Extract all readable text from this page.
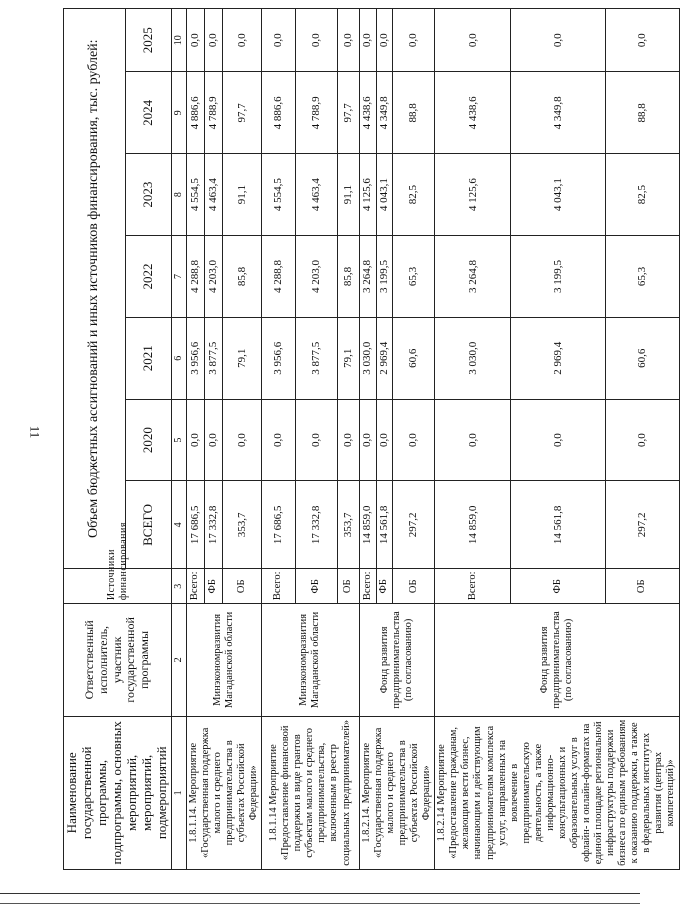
11
Наименование государственной программы, подпрограммы, основных мероприятий, мероприятий, подмероприятий	Ответственный исполнитель, участник государственной программы	Источники финансирования	Объем бюджетных ассигнований и иных источников финансирования, тыс. рублей:						
			ВСЕГО	2020	2021	2022	2023	2024	2025
1	2	3	4	5	6	7	8	9	10
1.8.1.14. Мероприятие «Государственная поддержка малого и среднего предпринимательства в субъектах Российской Федерации»	Минэкономразвития Магаданской области	Всего:	17 686,5	0,0	3 956,6	4 288,8	4 554,5	4 886,6	0,0
		ФБ	17 332,8	0,0	3 877,5	4 203,0	4 463,4	4 788,9	0,0
		ОБ	353,7	0,0	79,1	85,8	91,1	97,7	0,0
1.8.1.14 Мероприятие «Предоставление финансовой поддержки в виде грантов субъектам малого и среднего предпринимательства, включенным в реестр социальных предпринимателей»	Минэкономразвития Магаданской области	Всего:	17 686,5	0,0	3 956,6	4 288,8	4 554,5	4 886,6	0,0
		ФБ	17 332,8	0,0	3 877,5	4 203,0	4 463,4	4 788,9	0,0
		ОБ	353,7	0,0	79,1	85,8	91,1	97,7	0,0
1.8.2.14. Мероприятие «Государственная поддержка малого и среднего предпринимательства в субъектах Российской Федерации»	Фонд развития предпринимательства (по согласованию)	Всего:	14 859,0	0,0	3 030,0	3 264,8	4 125,6	4 438,6	0,0
		ФБ	14 561,8	0,0	2 969,4	3 199,5	4 043,1	4 349,8	0,0
		ОБ	297,2	0,0	60,6	65,3	82,5	88,8	0,0
1.8.2.14 Мероприятие «Предоставление гражданам, желающим вести бизнес, начинающим и действующим предпринимателям комплекса услуг, направленных на вовлечение в предпринимательскую деятельность, а также информационно-консультационных и образовательных услуг в офлайн- и онлайн-форматах на единой площадке региональной инфраструктуры поддержки бизнеса по единым требованиям к оказанию поддержки, а также в федеральных институтах развития (центрах компетенций)»	Фонд развития предпринимательства (по согласованию)	Всего:	14 859,0	0,0	3 030,0	3 264,8	4 125,6	4 438,6	0,0
		ФБ	14 561,8	0,0	2 969,4	3 199,5	4 043,1	4 349,8	0,0
		ОБ	297,2	0,0	60,6	65,3	82,5	88,8	0,0
